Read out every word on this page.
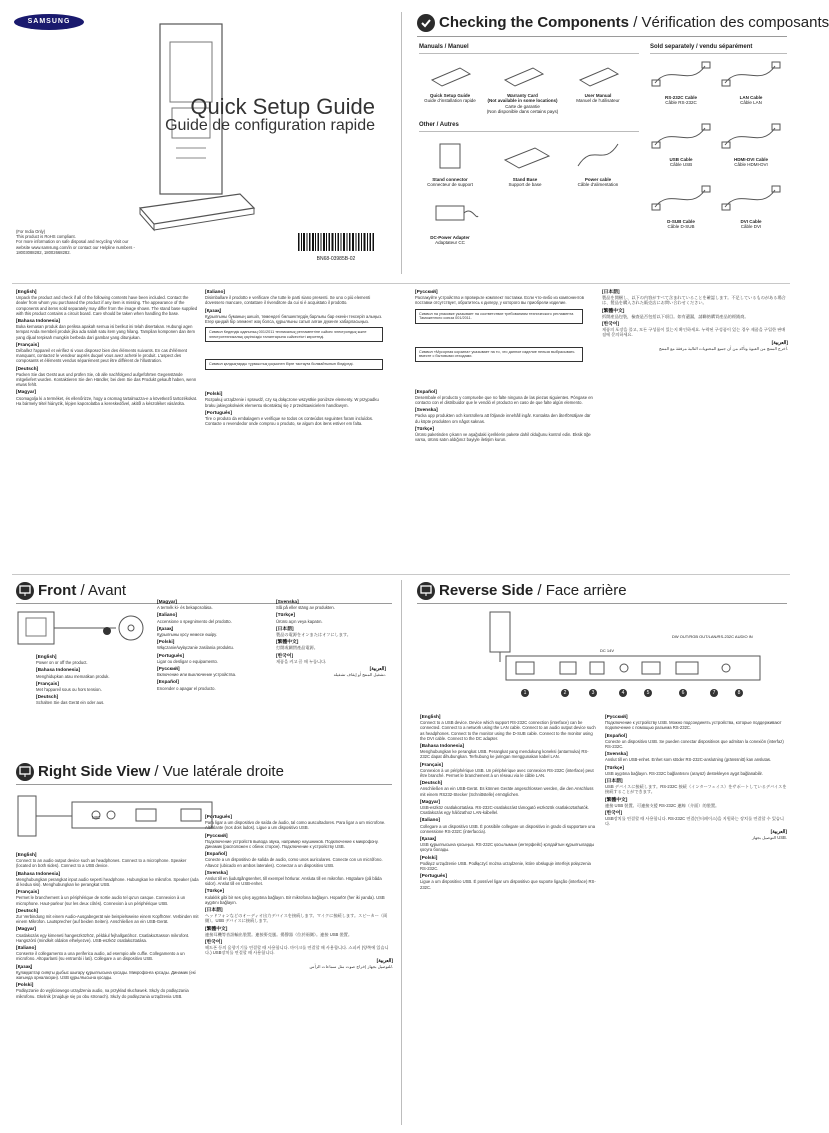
SAMSUNG
Quick Setup Guide
Guide de configuration rapide
(For India Only)
This product is RoHS compliant.
For more information on safe disposal and recycling Visit our
website www.samsung.com/in or contact our Helpline numbers -
18003088282, 18002668282.
BN68-03985B-02
Checking the Components / Vérification des composants
Manuals / Manuel	Sold separately / vendu séparément
Quick Setup Guide
Guide d'installation rapide
Warranty Card
(Not available in some locations)
Carte de garantie
(Non disponible dans certains pays)
User Manual
Manuel de l'utilisateur
RS-232C Cable
Câble RS-232C
LAN Cable
Câble LAN
USB Cable
Câble USB
HDMI-DVI Cable
Câble HDMI-DVI
D-SUB Cable
Câble D-SUB
DVI Cable
Câble DVI
Other / Autres
Stand connector
Connecteur de support
Stand Base
Support de base
Power cable
Câble d'alimentation
DC-Power Adapter
Adaptateur CC
[English]
Unpack the product and check if all of the following contents have been included. Contact the dealer from whom you purchased the product if any item is missing. The appearance of the components and items sold separately may differ from the image shown. The stand base supplied with this product contains a circuit board. Care should be taken when handling the base.
[Bahasa Indonesia]
Buka kemasan produk dan periksa apakah semua isi berikut ini telah disertakan. Hubungi agen tempat Anda membeli produk jika ada salah satu item yang hilang. Tampilan komponen dan item yang dijual terpisah mungkin berbeda dari gambar yang ditunjukan.
[Français]
Déballez l'appareil et vérifiez si vous disposez bien des éléments suivants. En cas d'élément manquant, contactez le vendeur auprès duquel vous avez acheté le produit. L'aspect des composants et éléments vendus séparément peut être différent de l'illustration.
[Deutsch]
Packen Sie das Gerät aus und prüfen Sie, ob alle nachfolgend aufgeführten Gegenstände mitgeliefert wurden. Kontaktieren Sie den Händler, bei dem Sie das Produkt gekauft haben, wenn etwas fehlt.
[Magyar]
Csomagolja ki a terméket, és ellenőrizze, hogy a csomag tartalmazza-e a következő tartozékokat. Ha bármely tétel hiányzik, lépjen kapcsolatba a kereskedővel, akitől a készüléket vásárolta.
[Italiano]
Disimballare il prodotto e verificare che tutte le parti siano presenti. Se uno o più elementi dovessero mancare, contattare il rivenditore da cui si è acquistato il prodotto.
[Қазақ]
Құрылғыны буманың шешіп, төмендегі бөлшектердің барлығы бар екенін тексеріп алыңыз. Егер қандай бір элемент жоқ болса, құрылғыны сатып алған дүкенге хабарласыңыз.
Символ Кедендік одағының 001/2011 техникалық регламентіне сәйкес электрондық және электротехникалық қауіпсіздік талаптарына сәйкестікті көрсетеді.
Символ қалдықтарды тұрмыстық қоқыспен бірге тастауға болмайтынын білдіреді.
[Polski]
Rozpakuj urządzenie i sprawdź, czy są dołączone wszystkie poniższe elementy. W przypadku braku jakiegokolwiek elementu skontaktuj się z przedstawicielem handlowym.
[Português]
Tire o produto da embalagem e verifique se todos os conteúdos seguintes foram incluídos. Contacte o revendedor onde comprou o produto, se algum dos itens estiver em falta.
[Русский]
Распакуйте устройство и проверьте комплект поставки. Если что-либо из компонентов поставки отсутствует, обратитесь к дилеру, у которого вы приобрели изделие.
Символ на упаковке указывает на соответствие требованиям технического регламента Таможенного союза 001/2011.
Символ «Мусорная корзина» указывает на то, что данное изделие нельзя выбрасывать вместе с бытовыми отходами.
[Español]
Desembale el producto y compruebe que no falte ninguna de las piezas siguientes. Póngase en contacto con el distribuidor que le vendió el producto en caso de que falte algún elemento.
[Svenska]
Packa upp produkten och kontrollera att följande innehåll ingår. Kontakta den återförsäljare där du köpte produkten om något saknas.
[Türkçe]
Ürünü paketinden çıkarın ve aşağıdaki içeriklerin pakete dahil olduğunu kontrol edin. Eksik öğe varsa, ürünü satın aldığınız bayiyle iletişim kurun.
[日本語]
製品を開梱し、以下の内容がすべて含まれていることを確認します。不足しているものがある場合は、製品を購入された販売店にお問い合わせください。
[繁體中文]
拆開產品包裝，檢查是否包括以下項目。如有遺漏，請聯絡購買產品的經銷商。
[한국어]
제품의 포장을 풀고, 모든 구성품이 있는지 확인하세요. 누락된 구성품이 있는 경우 제품을 구입한 판매점에 문의하세요.
[العربية]
أخرج المنتج من العبوة وتأكد من أن جميع المحتويات التالية مرفقة مع المنتج.
Front / Avant
[English]
Power on or off the product.
[Bahasa Indonesia]
Menghidupkan atau mematikan produk.
[Français]
Met l'appareil sous ou hors tension.
[Deutsch]
Schalten Sie das Gerät ein oder aus.
[Magyar]
A termék ki- és bekapcsolása.
[Italiano]
Accensione o spegnimento del prodotto.
[Қазақ]
Құрылғыны қосу немесе өшіру.
[Polski]
Włączanie/wyłączanie zasilania produktu.
[Português]
Ligar ou desligar o equipamento.
[Русский]
Включение или выключение устройства.
[Español]
Encender o apagar el producto.
[Svenska]
Slå på eller stäng av produkten.
[Türkçe]
Ürünü açın veya kapatın.
[日本語]
製品の電源をオンまたはオフにします。
[繁體中文]
打開或關閉產品電源。
[한국어]
제품을 켜고 끌 때 누릅니다.
[العربية]
تشغيل المنتج أو إيقاف تشغيله.
Right Side View / Vue latérale droite
MIC
[English]
Connect to an audio output device such as headphones. Connect to a microphone. Speaker (located on both sides). Connect to a USB device.
[Bahasa Indonesia]
Menghubungkan perangkat input audio seperti headphone. Hubungkan ke mikrofon. Speaker (ada di kedua sisi). Menghubungkan ke perangkat USB.
[Français]
Permet le branchement à un périphérique de sortie audio tel qu'un casque. Connexion à un microphone. Haut-parleur (sur les deux côtés). Connexion à un périphérique USB.
[Deutsch]
Zur Verbindung mit einem Audio-Ausgabegerät wie beispielsweise einem Kopfhörer. Verbinden mit einem Mikrofon. Lautsprecher (auf beiden Seiten). Anschließen an ein USB-Gerät.
[Magyar]
Csatlakozás egy kimeneti hangeszközhöz, például fejhallgatóhoz. Csatlakoztasson mikrofont. Hangszóró (mindkét oldalon elhelyezve). USB-eszköz csatlakoztatása.
[Italiano]
Consente il collegamento a una periferica audio, ad esempio alle cuffie. Collegamento a un microfono. Altoparlanti (su entrambi i lati). Collegare a un dispositivo USB.
[Қазақ]
Құлаққаптар сияқты дыбыс шығару құрылғысына қосады. Микрофонға қосады. Динамик (екі жағында орналасқан). USB құрылғысына қосады.
[Polski]
Podłączanie do wyjściowego urządzenia audio, na przykład słuchawek. Służy do podłączania mikrofonu. Głośnik (znajduje się po obu stronach). Służy do podłączania urządzenia USB.
[Português]
Para ligar a um dispositivo de saída de áudio, tal como auscultadores. Para ligar a um microfone. Altifalante (nos dois lados). Ligue a um dispositivo USB.
[Русский]
Подключение устройств вывода звука, например наушников. Подключение к микрофону. Динамик (расположен с обеих сторон). Подключение к устройству USB.
[Español]
Conecte a un dispositivo de salida de audio, como unos auriculares. Conecte con un micrófono. Altavoz (ubicado en ambos laterales). Conectar a un dispositivo USB.
[Svenska]
Anslut till en ljudutgångsenhet, till exempel hörlurar. Ansluta till en mikrofon. Högtalare (på båda sidor). Anslut till en USB-enhet.
[Türkçe]
Kulaklık gibi bir ses çıkış aygıtına bağlayın. Bir mikrofona bağlayın. Hoparlör (her iki yanda). USB aygıtını bağlayın.
[日本語]
ヘッドフォンなどのオーディオ出力デバイスを接続します。マイクに接続します。スピーカー（両側）。USB デバイスに接続します。
[繁體中文]
連接耳機等音訊輸出裝置。連接麥克風。揚聲器（位於兩側）。連接 USB 裝置。
[한국어]
헤드폰 등의 음향기기를 연결할 때 사용합니다. 마이크를 연결할 때 사용합니다. 스피커 (양쪽에 있습니다.) USB장치를 연결할 때 사용합니다.
[العربية]
للتوصيل بجهاز إخراج صوت مثل سماعات الرأس.
Reverse Side / Face arrière
DC 14V
DW OUT/RGB OUT/LAN/RS-232C AUDIO IN
1	2	3	4	5	6	7	8
[English]
Connect to a USB device. Device which support RS-232C connection (interface) can be connected. Connect to a network using the LAN cable. Connect to an audio output device such as headphones. Connect to the monitor using the D-SUB cable. Connect to the monitor using the DVI cable. Connect to the DC adapter.
[Bahasa Indonesia]
Menghubungkan ke perangkat USB. Perangkat yang mendukung koneksi (antarmuka) RS-232C dapat dihubungkan. Terhubung ke jaringan menggunakan kabel LAN.
[Français]
Connexion à un périphérique USB. Un périphérique avec connexion RS-232C (interface) peut être branché. Permet le branchement à un réseau via le câble LAN.
[Deutsch]
Anschließen an ein USB-Gerät. Es können Geräte angeschlossen werden, die den Anschluss mit einem RS232-Stecker (Schnittstelle) ermöglichen.
[Magyar]
USB-eszköz csatlakoztatása. RS-232C-csatlakozást támogató eszközök csatlakoztathatók. Csatlakozás egy hálózathoz LAN-kábellel.
[Italiano]
Collegare a un dispositivo USB. È possibile collegare un dispositivo in grado di supportare una connessione RS-232C (interfaccia).
[Қазақ]
USB құрылғысына қосыңыз. RS-232C қосылымын (интерфейс) қолдайтын құрылғыларды қосуға болады.
[Polski]
Podłącz urządzenie USB. Podłączyć można urządzenie, które obsługuje interfejs połączenia RS-232C.
[Português]
Ligue a um dispositivo USB. É possível ligar um dispositivo que suporte ligação (interface) RS-232C.
[Русский]
Подключение к устройству USB. Можно подсоединять устройства, которые поддерживают подключение с помощью разъема RS-232C.
[Español]
Conecte un dispositivo USB. Se pueden conectar dispositivos que admitan la conexión (interfaz) RS-232C.
[Svenska]
Anslut till en USB-enhet. Enhet som stöder RS-232C-anslutning (gränssnitt) kan anslutas.
[Türkçe]
USB aygıtına bağlayın. RS-232C bağlantısını (arayüz) destekleyen aygıt bağlanabilir.
[日本語]
USB デバイスに接続します。RS-232C 接続（インターフェイス）をサポートしているデバイスを接続することができます。
[繁體中文]
連接 USB 裝置。可連接支援 RS-232C 連線（介面）的裝置。
[한국어]
USB장치를 연결할 때 사용합니다. RS-232C 연결(인터페이스)을 지원하는 장치를 연결할 수 있습니다.
[العربية]
التوصيل بجهاز USB.
